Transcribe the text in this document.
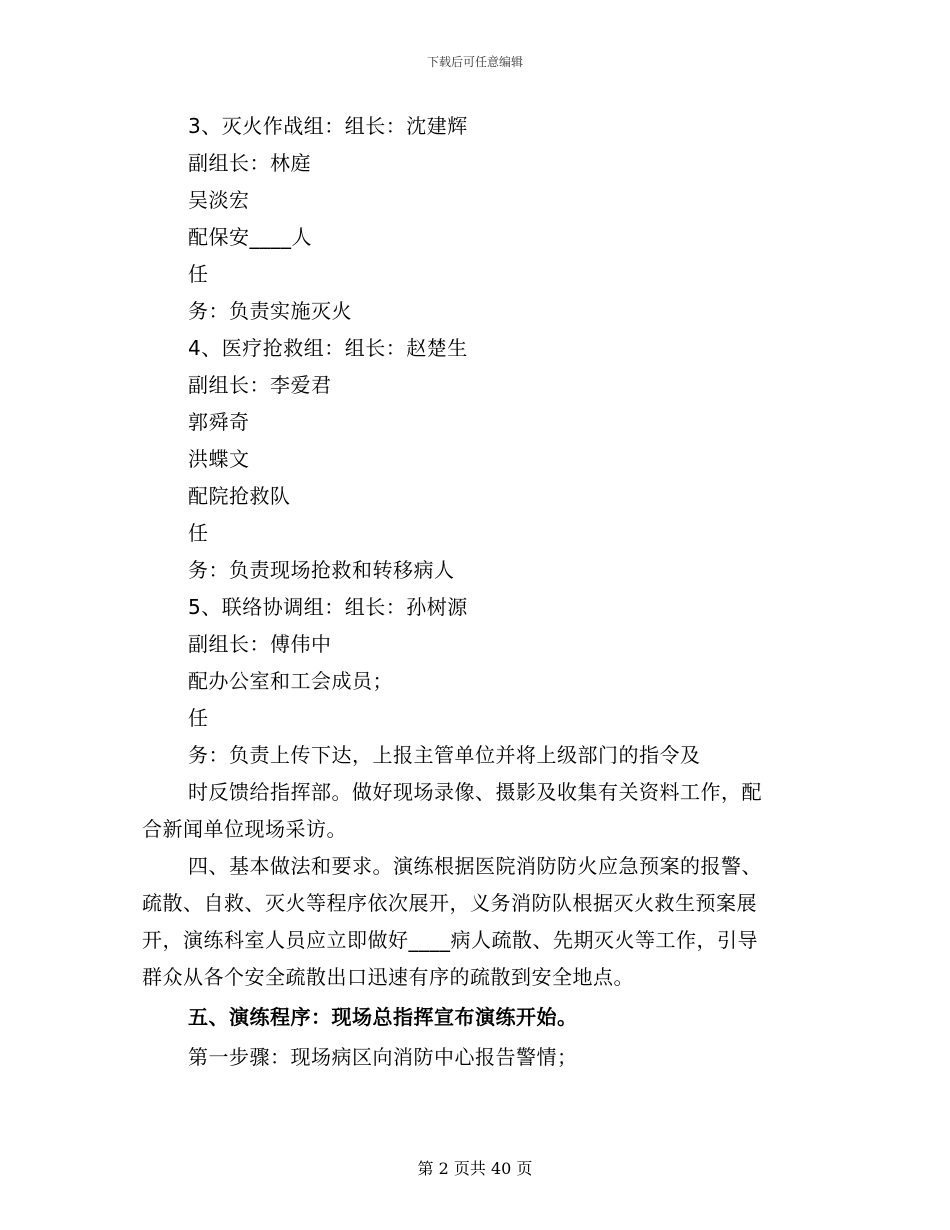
下载后可任意编辑
3、灭火作战组：组长：沈建辉
副组长：林庭
吴淡宏
配保安____人
任
务：负责实施灭火
4、医疗抢救组：组长：赵楚生
副组长：李爱君
郭舜奇
洪蝶文
配院抢救队
任
务：负责现场抢救和转移病人
5、联络协调组：组长：孙树源
副组长：傅伟中
配办公室和工会成员；
任
务：负责上传下达，上报主管单位并将上级部门的指令及
时反馈给指挥部。做好现场录像、摄影及收集有关资料工作，配
合新闻单位现场采访。
四、基本做法和要求。演练根据医院消防防火应急预案的报警、
疏散、自救、灭火等程序依次展开，义务消防队根据灭火救生预案展
开，演练科室人员应立即做好____病人疏散、先期灭火等工作，引导
群众从各个安全疏散出口迅速有序的疏散到安全地点。
五、演练程序：现场总指挥宣布演练开始。
第一步骤：现场病区向消防中心报告警情；
第 2 页共 40 页
